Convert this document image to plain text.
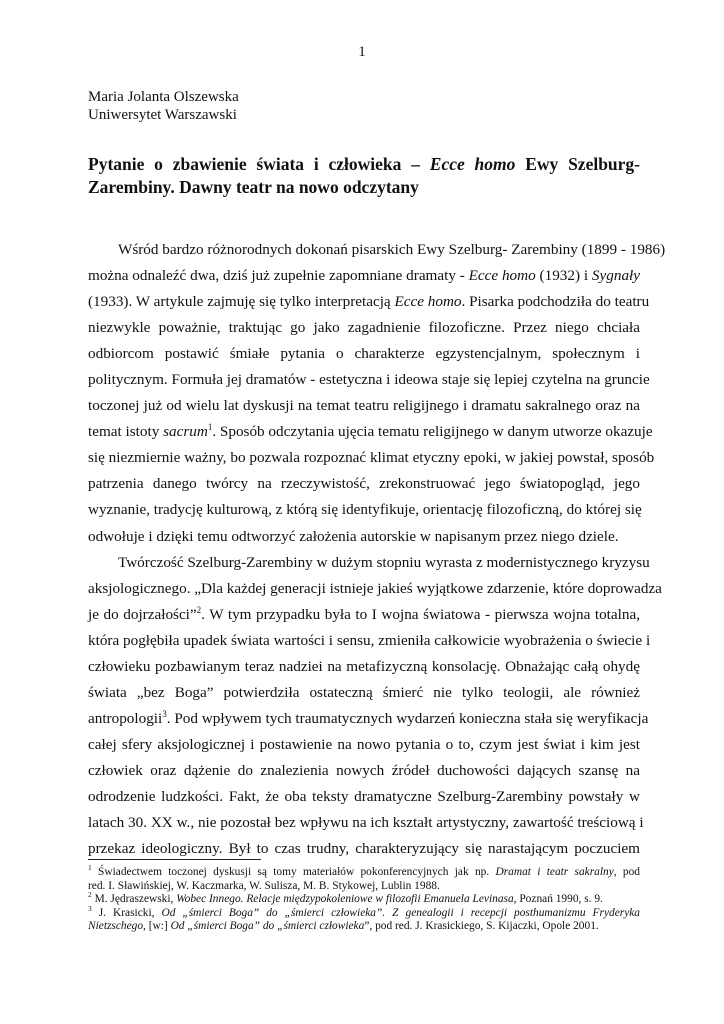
1
Maria Jolanta Olszewska
Uniwersytet Warszawski
Pytanie o zbawienie świata i człowieka – Ecce homo Ewy Szelburg-
Zarembiny. Dawny teatr na nowo odczytany
Wśród bardzo różnorodnych dokonań pisarskich Ewy Szelburg- Zarembiny (1899 - 1986)
można odnaleźć dwa, dziś już zupełnie zapomniane dramaty - Ecce homo (1932) i Sygnały
(1933). W artykule zajmuję się tylko interpretacją Ecce homo. Pisarka podchodziła do teatru
niezwykle poważnie, traktując go jako zagadnienie filozoficzne. Przez niego chciała
odbiorcom postawić śmiałe pytania o charakterze egzystencjalnym, społecznym i
politycznym. Formuła jej dramatów - estetyczna i ideowa staje się lepiej czytelna na gruncie
toczonej już od wielu lat dyskusji na temat teatru religijnego i dramatu sakralnego oraz na
temat istoty sacrum$^1$. Sposób odczytania ujęcia tematu religijnego w danym utworze okazuje
się niezmiernie ważny, bo pozwala rozpoznać klimat etyczny epoki, w jakiej powstał, sposób
patrzenia danego twórcy na rzeczywistość, zrekonstruować jego światopogląd, jego
wyznanie, tradycję kulturową, z którą się identyfikuje, orientację filozoficzną, do której się
odwołuje i dzięki temu odtworzyć założenia autorskie w napisanym przez niego dziele.
Twórczość Szelburg-Zarembiny w dużym stopniu wyrasta z modernistycznego kryzysu
aksjologicznego. „Dla każdej generacji istnieje jakieś wyjątkowe zdarzenie, które doprowadza
je do dojrzałości”$^2$. W tym przypadku była to I wojna światowa - pierwsza wojna totalna,
która pogłębiła upadek świata wartości i sensu, zmieniła całkowicie wyobrażenia o świecie i
człowieku pozbawianym teraz nadziei na metafizyczną konsolację. Obnażając całą ohydę
świata „bez Boga” potwierdziła ostateczną śmierć nie tylko teologii, ale również
antropologii$^3$. Pod wpływem tych traumatycznych wydarzeń konieczna stała się weryfikacja
całej sfery aksjologicznej i postawienie na nowo pytania o to, czym jest świat i kim jest
człowiek oraz dążenie do znalezienia nowych źródeł duchowości dających szansę na
odrodzenie ludzkości. Fakt, że oba teksty dramatyczne Szelburg-Zarembiny powstały w
latach 30. XX w., nie pozostał bez wpływu na ich kształt artystyczny, zawartość treściową i
przekaz ideologiczny. Był to czas trudny, charakteryzujący się narastającym poczuciem
$^1$ Świadectwem toczonej dyskusji są tomy materiałów pokonferencyjnych jak np. Dramat i teatr sakralny, pod
red. I. Sławińskiej, W. Kaczmarka, W. Sulisza, M. B. Stykowej, Lublin 1988.
$^2$ M. Jędraszewski, Wobec Innego. Relacje międzypokoleniowe w filozofii Emanuela Levinasa, Poznań 1990, s. 9.
$^3$ J. Krasicki, Od „śmierci Boga” do „śmierci człowieka”. Z genealogii i recepcji posthumanizmu Fryderyka
Nietzschego, [w:] Od „śmierci Boga” do „śmierci człowieka”, pod red. J. Krasickiego, S. Kijaczki, Opole 2001.
